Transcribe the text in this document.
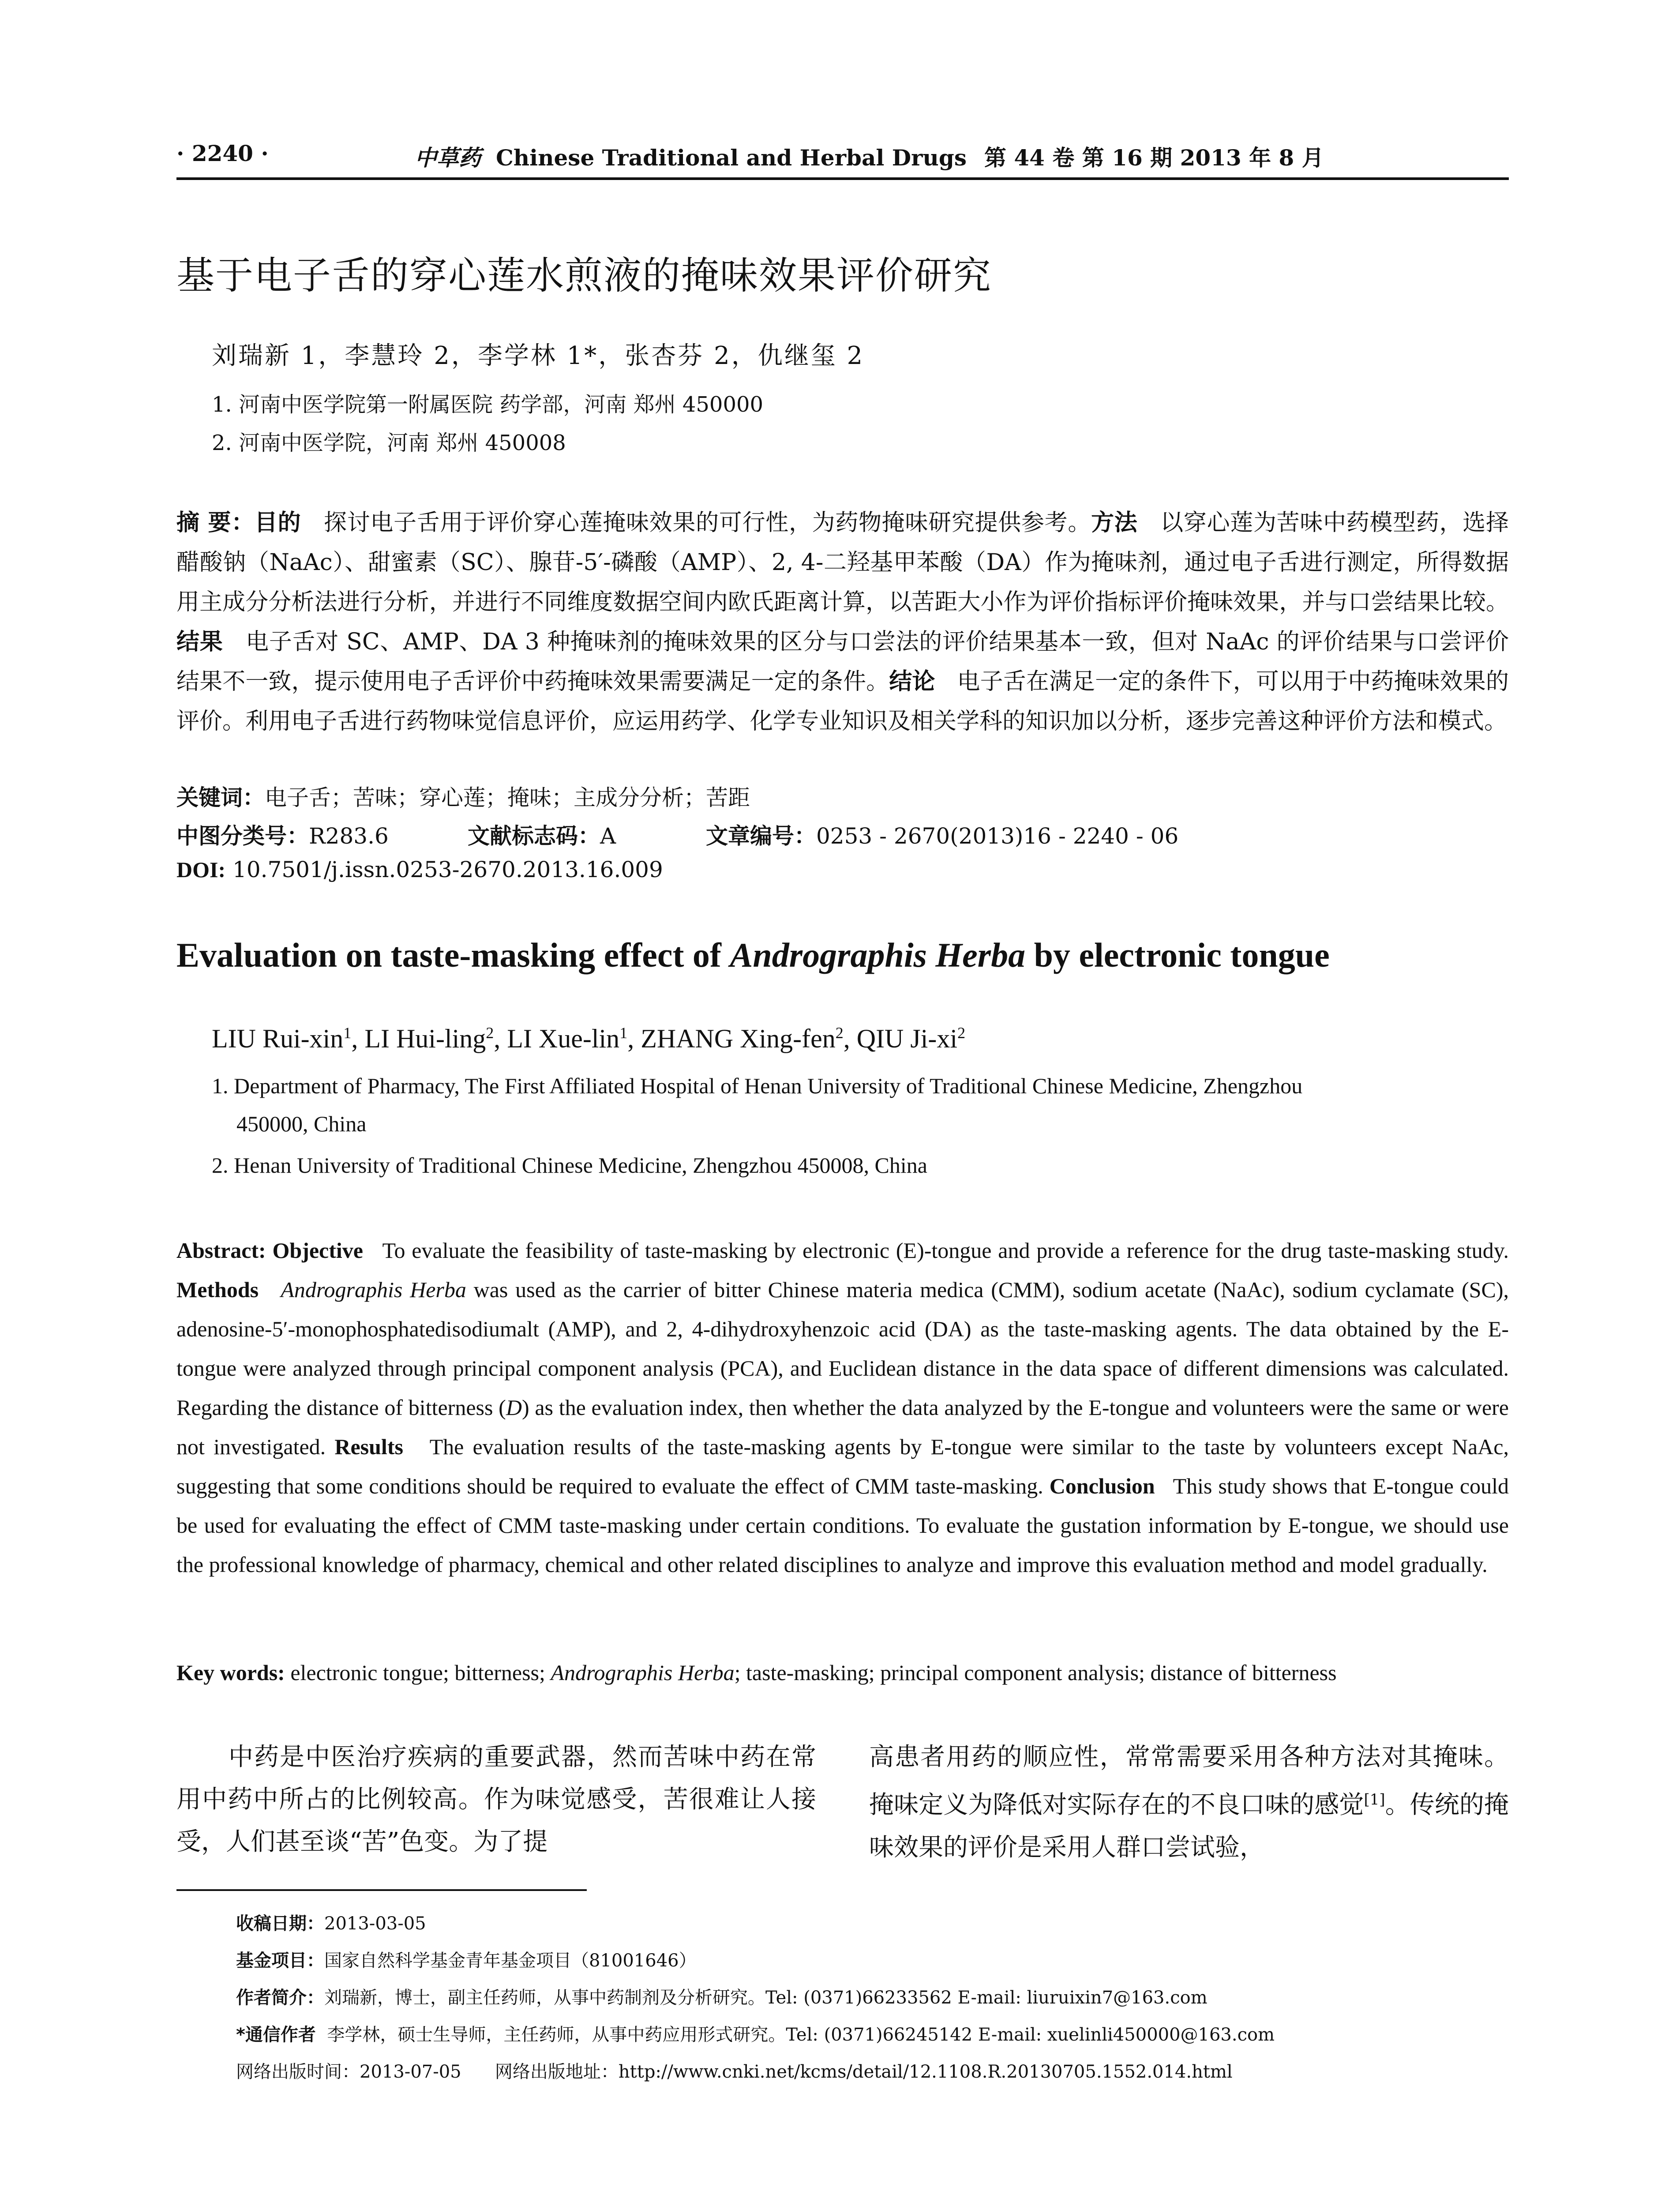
· 2240 ·	中草药 Chinese Traditional and Herbal Drugs 第 44 卷 第 16 期 2013 年 8 月
基于电子舌的穿心莲水煎液的掩味效果评价研究
刘瑞新 1，李慧玲 2，李学林 1*，张杏芬 2，仇继玺 2
1. 河南中医学院第一附属医院 药学部，河南 郑州 450000
2. 河南中医学院，河南 郑州 450008
摘 要：目的 探讨电子舌用于评价穿心莲掩味效果的可行性，为药物掩味研究提供参考。方法 以穿心莲为苦味中药模型药，选择醋酸钠（NaAc）、甜蜜素（SC）、腺苷-5′-磷酸（AMP）、2, 4-二羟基甲苯酸（DA）作为掩味剂，通过电子舌进行测定，所得数据用主成分分析法进行分析，并进行不同维度数据空间内欧氏距离计算，以苦距大小作为评价指标评价掩味效果，并与口尝结果比较。结果 电子舌对 SC、AMP、DA 3 种掩味剂的掩味效果的区分与口尝法的评价结果基本一致，但对 NaAc 的评价结果与口尝评价结果不一致，提示使用电子舌评价中药掩味效果需要满足一定的条件。结论 电子舌在满足一定的条件下，可以用于中药掩味效果的评价。利用电子舌进行药物味觉信息评价，应运用药学、化学专业知识及相关学科的知识加以分析，逐步完善这种评价方法和模式。
关键词：电子舌；苦味；穿心莲；掩味；主成分分析；苦距
中图分类号：R283.6	文献标志码：A	文章编号：0253 - 2670(2013)16 - 2240 - 06
DOI: 10.7501/j.issn.0253-2670.2013.16.009
Evaluation on taste-masking effect of Andrographis Herba by electronic tongue
LIU Rui-xin$^1$, LI Hui-ling$^2$, LI Xue-lin$^1$, ZHANG Xing-fen$^2$, QIU $Ji-xi^2$
1. Department of Pharmacy, The First Affiliated Hospital of Henan University of Traditional Chinese Medicine, Zhengzhou
450000, China
2. Henan University of Traditional Chinese Medicine, Zhengzhou 450008, China
Abstract: Objective To evaluate the feasibility of taste-masking by electronic (E)-tongue and provide a reference for the drug taste-masking study. Methods Andrographis Herba was used as the carrier of bitter Chinese materia medica (CMM), sodium acetate (NaAc), sodium cyclamate (SC), adenosine-5′-monophosphatedisodiumalt (AMP), and 2, 4-dihydroxyhenzoic acid (DA) as the taste-masking agents. The data obtained by the E-tongue were analyzed through principal component analysis (PCA), and Euclidean distance in the data space of different dimensions was calculated. Regarding the distance of bitterness (D) as the evaluation index, then whether the data analyzed by the E-tongue and volunteers were the same or were not investigated. Results The evaluation results of the taste-masking agents by E-tongue were similar to the taste by volunteers except NaAc, suggesting that some conditions should be required to evaluate the effect of CMM taste-masking. Conclusion This study shows that E-tongue could be used for evaluating the effect of CMM taste-masking under certain conditions. To evaluate the gustation information by E-tongue, we should use the professional knowledge of pharmacy, chemical and other related disciplines to analyze and improve this evaluation method and model gradually.
Key words: electronic tongue; bitterness; Andrographis Herba; taste-masking; principal component analysis; distance of bitterness

中药是中医治疗疾病的重要武器，然而苦味中药在常用中药中所占的比例较高。作为味觉感受，苦很难让人接受，人们甚至谈“苦”色变。为了提

高患者用药的顺应性，常常需要采用各种方法对其掩味。掩味定义为降低对实际存在的不良口味的感觉[1]。传统的掩味效果的评价是采用人群口尝试验，

收稿日期：2013-03-05
基金项目：国家自然科学基金青年基金项目（81001646）
作者简介：刘瑞新，博士，副主任药师，从事中药制剂及分析研究。Tel: (0371)66233562 E-mail: liuruixin7@163.com
*通信作者 李学林，硕士生导师，主任药师，从事中药应用形式研究。Tel: (0371)66245142 E-mail: xuelinli450000@163.com
网络出版时间：2013-07-05 网络出版地址：http://www.cnki.net/kcms/detail/12.1108.R.20130705.1552.014.html
